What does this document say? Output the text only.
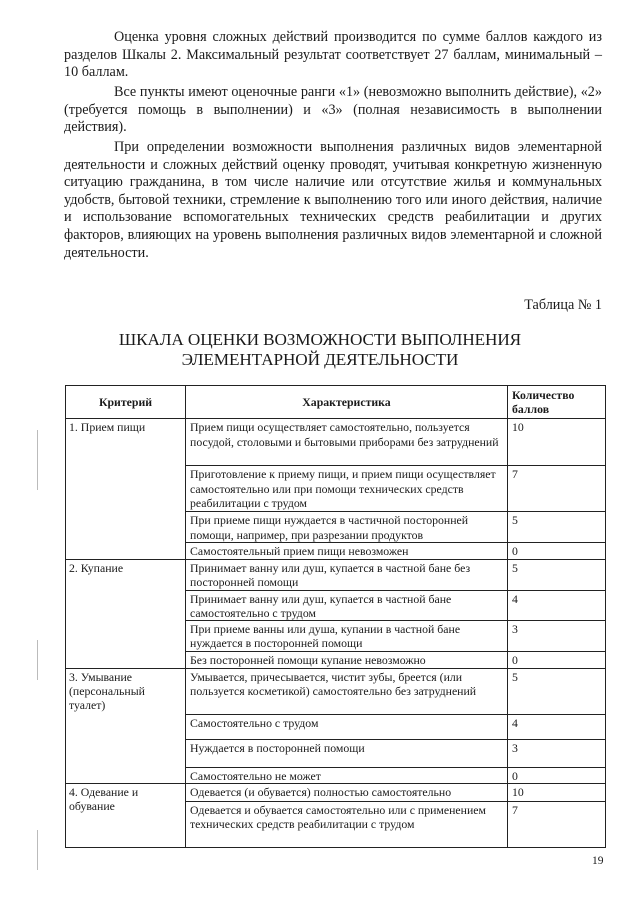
Оценка уровня сложных действий производится по сумме баллов каждого из разделов Шкалы 2. Максимальный результат соответствует 27 баллам, минимальный – 10 баллам.

Все пункты имеют оценочные ранги «1» (невозможно выполнить действие), «2» (требуется помощь в выполнении) и «3» (полная независимость в выполнении действия).

При определении возможности выполнения различных видов элементарной деятельности и сложных действий оценку проводят, учитывая конкретную жизненную ситуацию гражданина, в том числе наличие или отсутствие жилья и коммунальных удобств, бытовой техники, стремление к выполнению того или иного действия, наличие и использование вспомогательных технических средств реабилитации и других факторов, влияющих на уровень выполнения различных видов элементарной и сложной деятельности.

Таблица № 1
ШКАЛА ОЦЕНКИ ВОЗМОЖНОСТИ ВЫПОЛНЕНИЯ
ЭЛЕМЕНТАРНОЙ ДЕЯТЕЛЬНОСТИ
Критерий	Характеристика	Количество баллов
1. Прием пищи	Прием пищи осуществляет самостоятельно, пользуется посудой, столовыми и бытовыми приборами без затруднений	10
	Приготовление к приему пищи, и прием пищи осуществляет самостоятельно или при помощи технических средств реабилитации с трудом	7
	При приеме пищи нуждается в частичной посторонней помощи, например, при разрезании продуктов	5
	Самостоятельный прием пищи невозможен	0
2. Купание	Принимает ванну или душ, купается в частной бане без посторонней помощи	5
	Принимает ванну или душ, купается в частной бане самостоятельно с трудом	4
	При приеме ванны или душа, купании в частной бане нуждается в посторонней помощи	3
	Без посторонней помощи купание невозможно	0
3. Умывание (персональный туалет)	Умывается, причесывается, чистит зубы, бреется (или пользуется косметикой) самостоятельно без затруднений	5
	Самостоятельно с трудом	4
	Нуждается в посторонней помощи	3
	Самостоятельно не может	0
4. Одевание и обувание	Одевается (и обувается) полностью самостоятельно	10
	Одевается и обувается самостоятельно или с применением технических средств реабилитации с трудом	7
19
